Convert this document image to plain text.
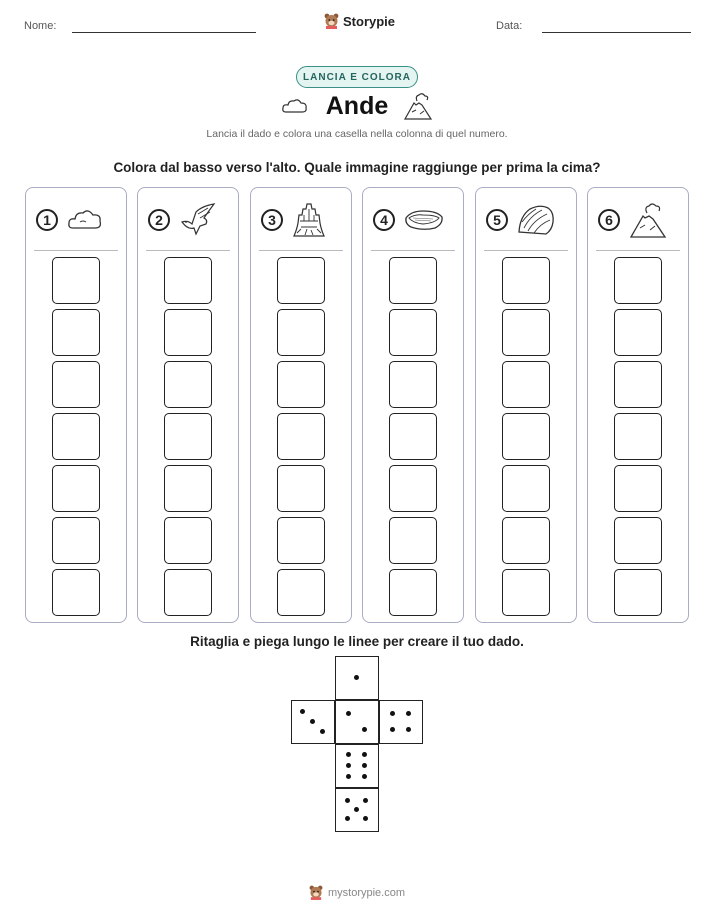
Nome:	Storypie	Data:
LANCIA E COLORA
Ande
Lancia il dado e colora una casella nella colonna di quel numero.
Colora dal basso verso l'alto. Quale immagine raggiunge per prima la cima?
1	2	3	4	5	6
Ritaglia e piega lungo le linee per creare il tuo dado.
mystorypie.com
